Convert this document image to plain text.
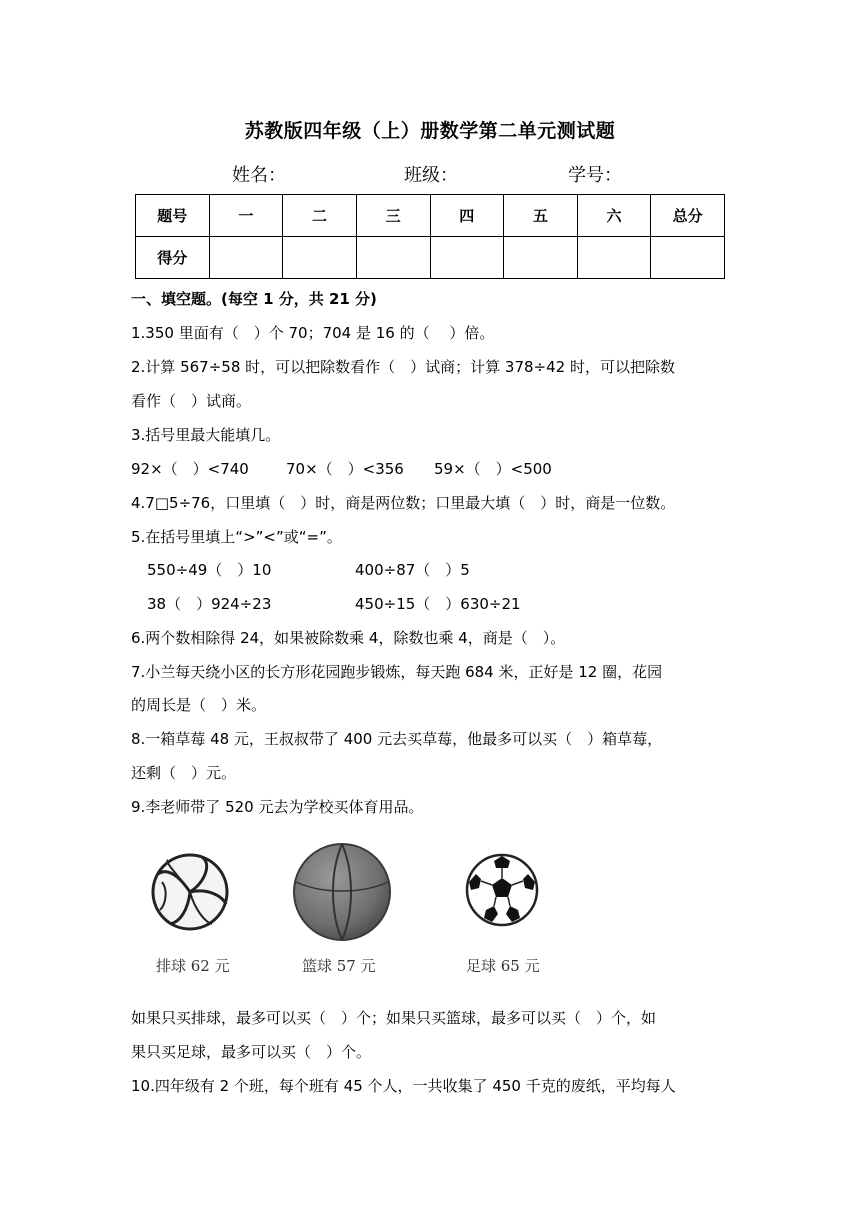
苏教版四年级（上）册数学第二单元测试题
姓名：	班级：	学号：
题号	一	二	三	四	五	六	总分
得分							
一、填空题。(每空 1 分，共 21 分)
1.350 里面有（　）个 70；704 是 16 的（　 ）倍。
2.计算 567÷58 时，可以把除数看作（　）试商；计算 378÷42 时，可以把除数
看作（　）试商。
3.括号里最大能填几。
92×（　）<740 70×（　）<356 59×（　）<500
4.7□5÷76，口里填（　）时，商是两位数；口里最大填（　）时，商是一位数。
5.在括号里填上“>”<”或“=”。
550÷49（　）10	400÷87（　）5
38（　）924÷23	450÷15（　）630÷21
6.两个数相除得 24，如果被除数乘 4，除数也乘 4，商是（　）。
7.小兰每天绕小区的长方形花园跑步锻炼，每天跑 684 米，正好是 12 圈，花园
的周长是（　）米。
8.一箱草莓 48 元，王叔叔带了 400 元去买草莓，他最多可以买（　）箱草莓，
还剩（　）元。
9.李老师带了 520 元去为学校买体育用品。
排球 62 元	篮球 57 元	足球 65 元
如果只买排球，最多可以买（　）个；如果只买篮球，最多可以买（　）个，如
果只买足球，最多可以买（　）个。
10.四年级有 2 个班，每个班有 45 个人，一共收集了 450 千克的废纸，平均每人
